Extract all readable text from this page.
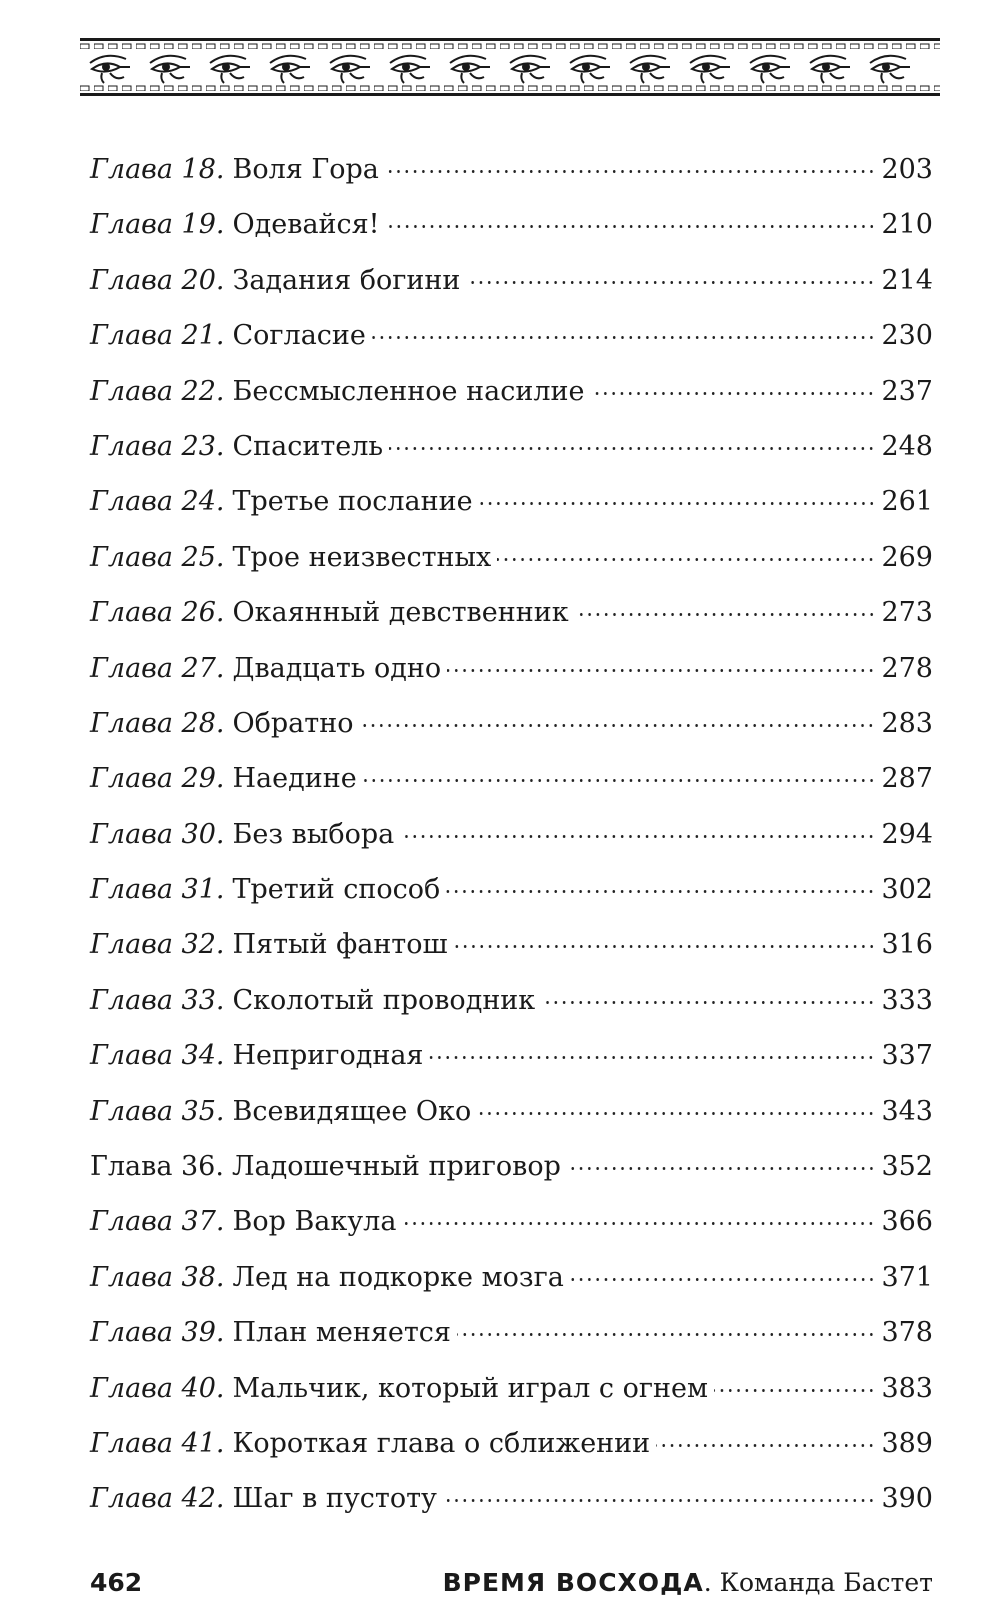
Глава 18. Воля Гора	203
Глава 19. Одевайся!	210
Глава 20. Задания богини	214
Глава 21. Согласие	230
Глава 22. Бессмысленное насилие	237
Глава 23. Спаситель	248
Глава 24. Третье послание	261
Глава 25. Трое неизвестных	269
Глава 26. Окаянный девственник	273
Глава 27. Двадцать одно	278
Глава 28. Обратно	283
Глава 29. Наедине	287
Глава 30. Без выбора	294
Глава 31. Третий способ	302
Глава 32. Пятый фантош	316
Глава 33. Сколотый проводник	333
Глава 34. Непригодная	337
Глава 35. Всевидящее Око	343
Глава 36. Ладошечный приговор	352
Глава 37. Вор Вакула	366
Глава 38. Лед на подкорке мозга	371
Глава 39. План меняется	378
Глава 40. Мальчик, который играл с огнем	383
Глава 41. Короткая глава о сближении	389
Глава 42. Шаг в пустоту	390
462	ВРЕМЯ ВОСХОДА. Команда Бастет
